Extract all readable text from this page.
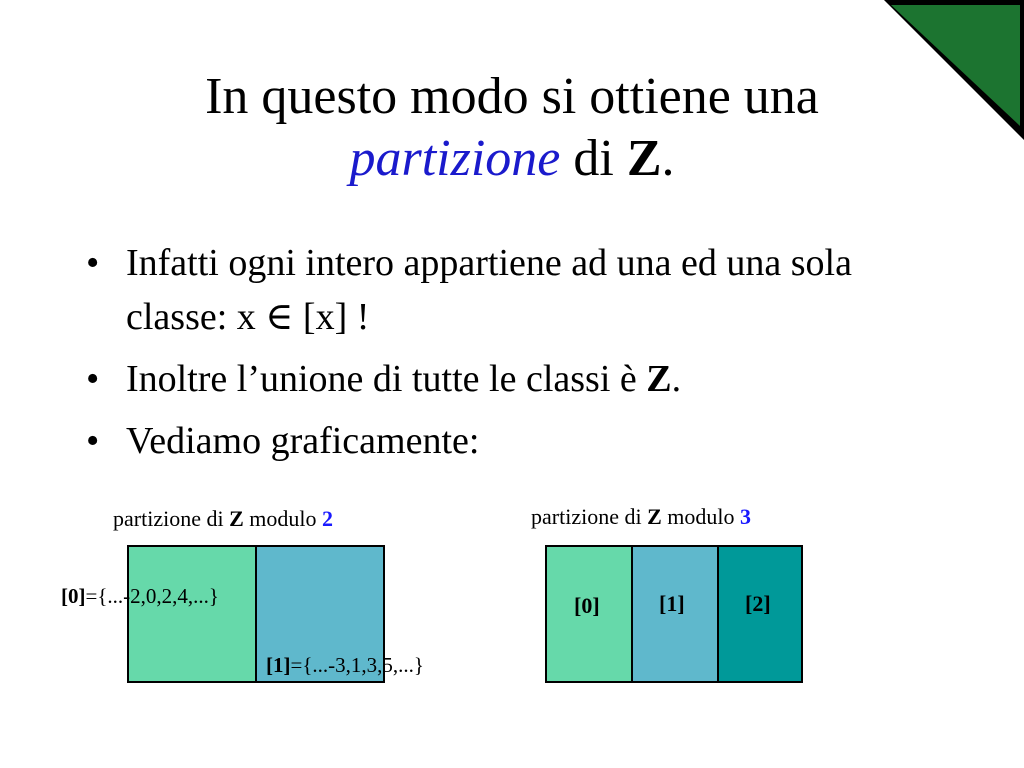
In questo modo si ottiene una
partizione di Z.
• Infatti ogni intero appartiene ad una ed una sola classe: x ∈ [x] !
• Inoltre l’unione di tutte le classi è Z.
• Vediamo graficamente:
partizione di Z modulo 2
[0]={...-2,0,2,4,...}
[1]={...-3,1,3,5,...}
partizione di Z modulo 3
[0]	[1]	[2]
